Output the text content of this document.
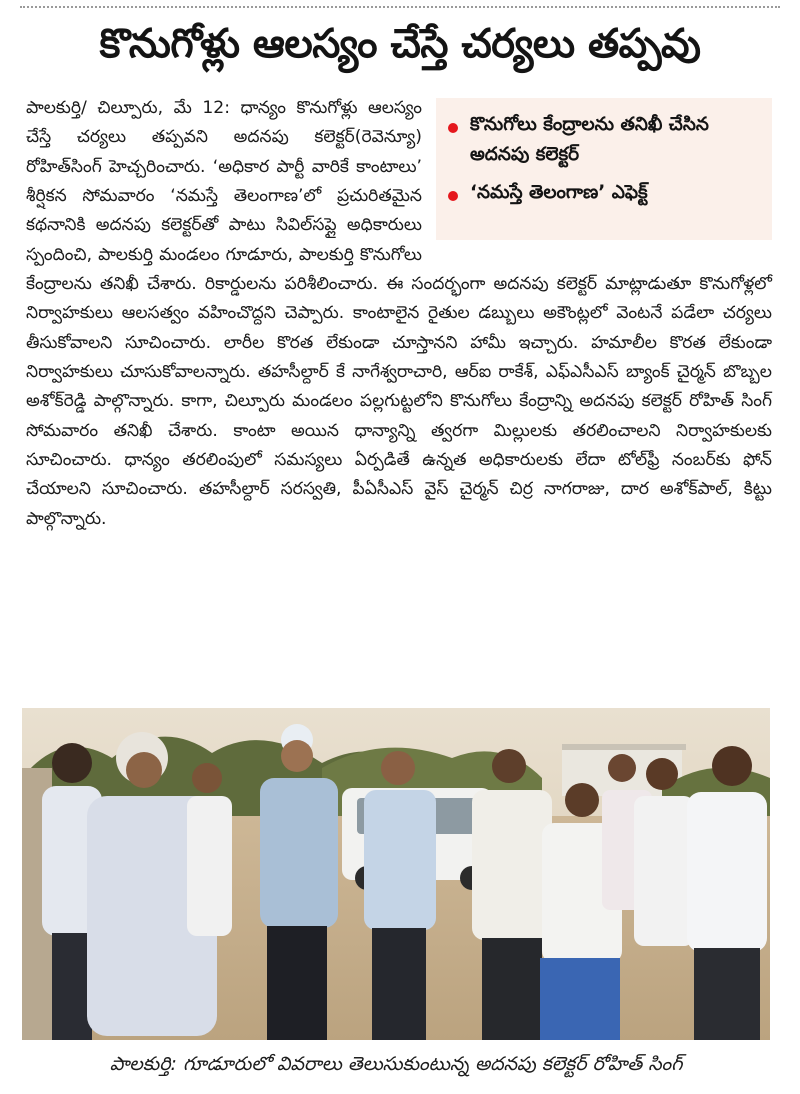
కొనుగోళ్లు ఆలస్యం చేస్తే చర్యలు తప్పవు
కొనుగోలు కేంద్రాలను తనిఖీ చేసిన అదనపు కలెక్టర్
‘నమస్తే తెలంగాణ’ ఎఫెక్ట్
పాలకుర్తి/ చిల్పూరు, మే 12: ధాన్యం కొనుగోళ్లు ఆలస్యం చేస్తే చర్యలు తప్పవని అదనపు కలెక్టర్(రెవెన్యూ) రోహిత్‌సింగ్ హెచ్చరించారు. ‘అధికార పార్టీ వారికే కాంటాలు’ శీర్షికన సోమవారం ‘నమస్తే తెలంగాణ’లో ప్రచురితమైన కథనానికి అదనపు కలెక్టర్‌తో పాటు సివిల్‌సప్లై అధికారులు స్పందించి, పాలకుర్తి మండలం గూడూరు, పాలకుర్తి కొనుగోలు కేంద్రాలను తనిఖీ చేశారు. రికార్డులను పరిశీలించారు. ఈ సందర్భంగా అదనపు కలెక్టర్ మాట్లాడుతూ కొనుగోళ్లలో నిర్వాహకులు ఆలసత్వం వహించొద్దని చెప్పారు. కాంటాలైన రైతుల డబ్బులు అకౌంట్లలో వెంటనే పడేలా చర్యలు తీసుకోవాలని సూచించారు. లారీల కొరత లేకుండా చూస్తానని హామీ ఇచ్చారు. హమాలీల కొరత లేకుండా నిర్వాహకులు చూసుకోవాలన్నారు. తహసీల్దార్ కే నాగేశ్వరాచారి, ఆర్‌ఐ రాకేశ్, ఎఫ్‌ఎసీఎస్ బ్యాంక్ చైర్మన్ బొబ్బల అశోక్‌రెడ్డి పాల్గొన్నారు. కాగా, చిల్పూరు మండలం పల్లగుట్టలోని కొనుగోలు కేంద్రాన్ని అదనపు కలెక్టర్ రోహిత్ సింగ్ సోమవారం తనిఖీ చేశారు. కాంటా అయిన ధాన్యాన్ని త్వరగా మిల్లులకు తరలించాలని నిర్వాహకులకు సూచించారు. ధాన్యం తరలింపులో సమస్యలు ఏర్పడితే ఉన్నత అధికారులకు లేదా టోల్‌ఫ్రీ నంబర్‌కు ఫోన్ చేయాలని సూచించారు. తహసీల్దార్ సరస్వతి, పీఏసీఎస్ వైస్ చైర్మన్ చిర్ర నాగరాజు, దార అశోక్‌పాల్, కిట్టు పాల్గొన్నారు.
పాలకుర్తి: గూడూరులో వివరాలు తెలుసుకుంటున్న అదనపు కలెక్టర్ రోహిత్ సింగ్
